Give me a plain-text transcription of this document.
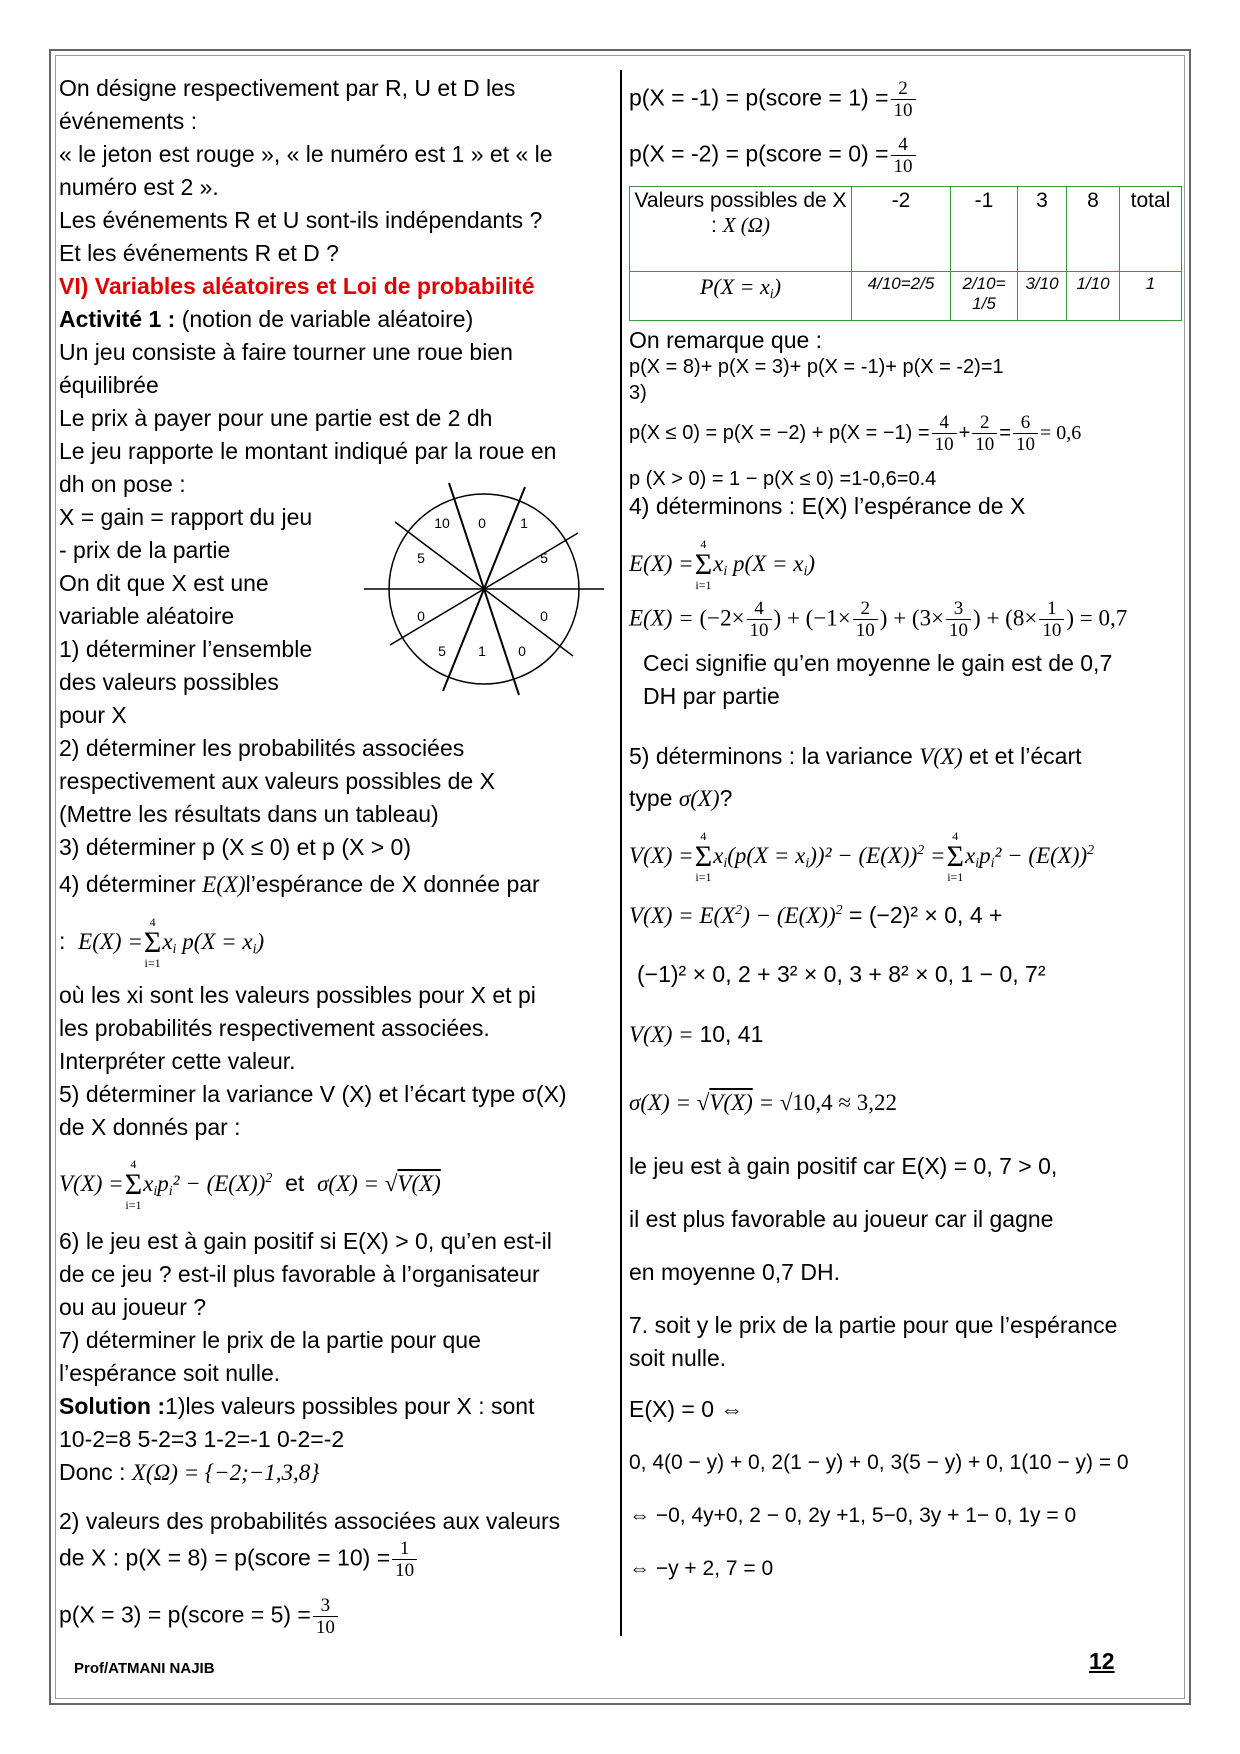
On désigne respectivement par R, U et D les
événements :
« le jeton est rouge », « le numéro est 1 » et « le
numéro est 2 ».
Les événements R et U sont-ils indépendants ?
Et les événements R et D ?
VI) Variables aléatoires et Loi de probabilité
Activité 1 : (notion de variable aléatoire)
Un jeu consiste à faire tourner une roue bien
équilibrée
Le prix à payer pour une partie est de 2 dh
Le jeu rapporte le montant indiqué par la roue en
dh on pose :
X = gain = rapport du jeu
- prix de la partie
On dit que X est une
variable aléatoire
1) déterminer l’ensemble
des valeurs possibles
pour X
10 0 1
5	5
0	0
5 1 0
2) déterminer les probabilités associées
respectivement aux valeurs possibles de X
(Mettre les résultats dans un tableau)
3) déterminer p (X ≤ 0) et p (X > 0)
4) déterminer E(X)l’espérance de X donnée par
: E(X) =
4
Σ
i=1
$x_i$ $p(X = x_i)$
où les xi sont les valeurs possibles pour X et pi
les probabilités respectivement associées.
Interpréter cette valeur.
5) déterminer la variance V (X) et l’écart type σ(X)
de X donnés par :
V(X) =
4
Σ
i=1
$x_ip_i^2 - (E(X))^2$ et σ(X) = √V(X)
6) le jeu est à gain positif si E(X) > 0, qu’en est-il
de ce jeu ? est-il plus favorable à l’organisateur
ou au joueur ?
7) déterminer le prix de la partie pour que
l’espérance soit nulle.
Solution :1)les valeurs possibles pour X : sont
10-2=8 5-2=3 1-2=-1 0-2=-2
Donc : X(Ω) = {−2;−1,3,8}
2) valeurs des probabilités associées aux valeurs
de X : p(X = 8) = p(score = $10) = \frac{1}{10}$
p(X = 3) = p(score = $5) = \frac{3}{10}$
p(X = -1) = p(score = $1) = \frac{2}{10}$
p(X = -2) = p(score = $0) = \frac{4}{10}$
Valeurs possibles de X : X (Ω)	-2	-1	3	8	total
$P(X = x_i)$	4/10=2/5	2/10= 1/5	3/10	1/10	1
On remarque que :
p(X = 8)+ p(X = 3)+ p(X = -1)+ p(X = -2)=1
3)
$p(X \le 0) = p(X = -2) + p(X = -1) = \frac{4}{10} + \frac{2}{10} = \frac{6}{10} = 0,6$
p (X > 0) = 1 − p(X ≤ 0) =1-0,6=0.4
4) déterminons : E(X) l’espérance de X
E(X) =
4
Σ
i=1
$x_i$ $p(X = x_i)$
$E(X) = (-2\times \frac{4}{10}$ ) + ($-1\times \frac{2}{10}$ ) + ($3\times \frac{3}{10}$ ) + ($8\times \frac{1}{10}$ ) = 0,7
Ceci signifie qu’en moyenne le gain est de 0,7
DH par partie
5) déterminons : la variance V(X) et et l’écart
type σ(X)?
V(X) =
4
Σ
i=1
$x_i(p(X = x_i))^2 - (E(X))^2$ =
4
Σ
i=1
$x_ip_i^2 - (E(X))^2$
$V(X) = E(X^2) - (E(X))^2 = (-2)^2 \times 0$, 4 +
(−1)² × 0, 2 + 3² × 0, 3 + 8² × 0, 1 − 0, 7²
V(X) = 10, 41
σ(X) = √V(X) = √10,4 ≈ 3,22
le jeu est à gain positif car E(X) = 0, 7 > 0,
il est plus favorable au joueur car il gagne
en moyenne 0,7 DH.
7. soit y le prix de la partie pour que l’espérance
soit nulle.
E(X) = 0 ⇔
0, 4(0 − y) + 0, 2(1 − y) + 0, 3(5 − y) + 0, 1(10 − y) = 0
⇔ −0, 4y+0, 2 − 0, 2y +1, 5−0, 3y + 1− 0, 1y = 0
⇔ −y + 2, 7 = 0
Prof/ATMANI NAJIB	12
